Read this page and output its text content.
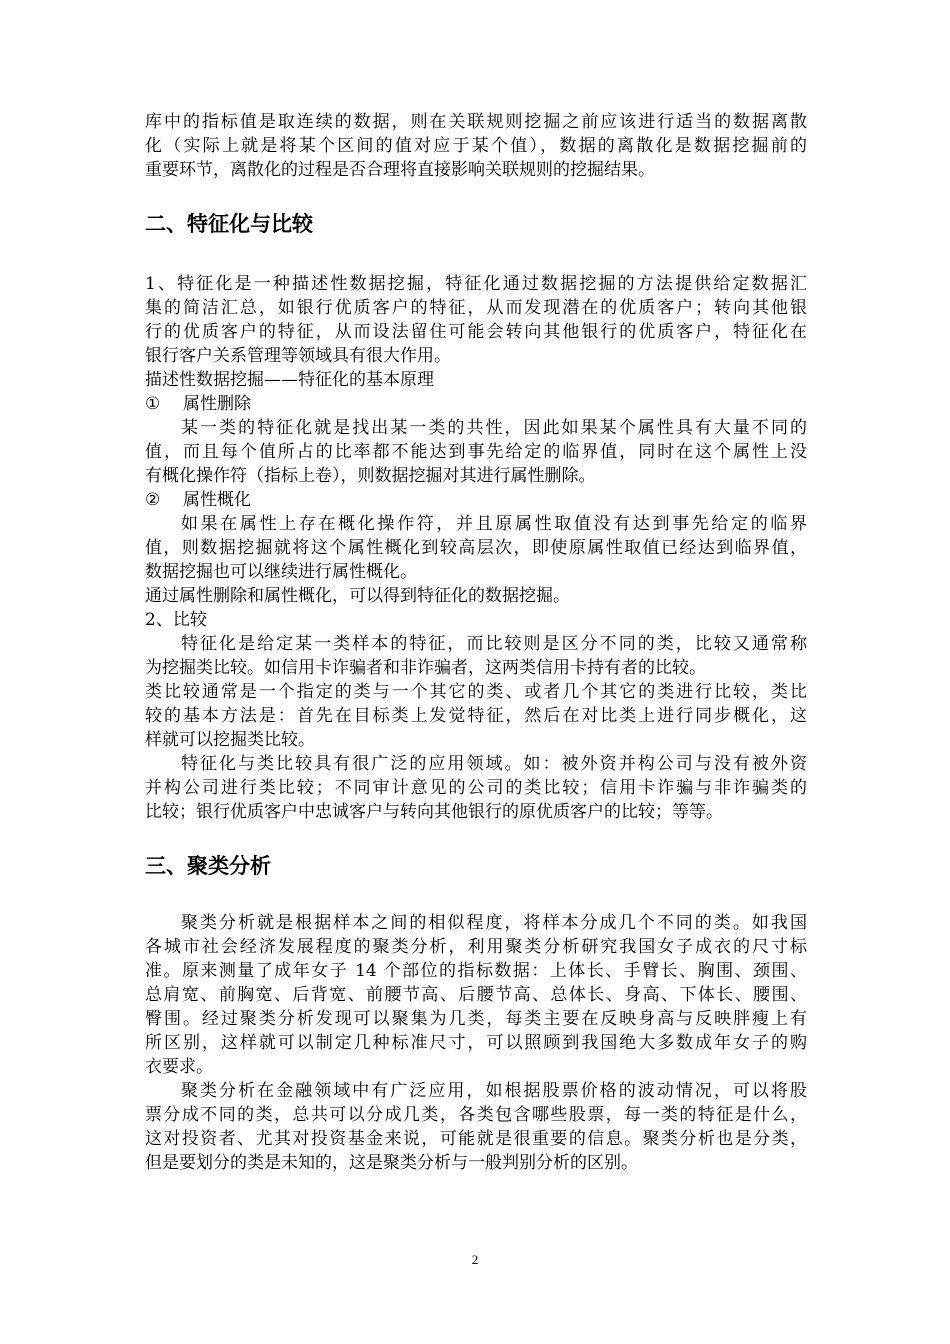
库中的指标值是取连续的数据，则在关联规则挖掘之前应该进行适当的数据离散
化（实际上就是将某个区间的值对应于某个值），数据的离散化是数据挖掘前的
重要环节，离散化的过程是否合理将直接影响关联规则的挖掘结果。
二、特征化与比较
1、特征化是一种描述性数据挖掘，特征化通过数据挖掘的方法提供给定数据汇
集的简洁汇总，如银行优质客户的特征，从而发现潜在的优质客户；转向其他银
行的优质客户的特征，从而设法留住可能会转向其他银行的优质客户，特征化在
银行客户关系管理等领域具有很大作用。
描述性数据挖掘——特征化的基本原理
①	属性删除
某一类的特征化就是找出某一类的共性，因此如果某个属性具有大量不同的
值，而且每个值所占的比率都不能达到事先给定的临界值，同时在这个属性上没
有概化操作符（指标上卷），则数据挖掘对其进行属性删除。
②	属性概化
如果在属性上存在概化操作符，并且原属性取值没有达到事先给定的临界
值，则数据挖掘就将这个属性概化到较高层次，即使原属性取值已经达到临界值，
数据挖掘也可以继续进行属性概化。
通过属性删除和属性概化，可以得到特征化的数据挖掘。
2、比较
特征化是给定某一类样本的特征，而比较则是区分不同的类，比较又通常称
为挖掘类比较。如信用卡诈骗者和非诈骗者，这两类信用卡持有者的比较。
类比较通常是一个指定的类与一个其它的类、或者几个其它的类进行比较，类比
较的基本方法是：首先在目标类上发觉特征，然后在对比类上进行同步概化，这
样就可以挖掘类比较。
特征化与类比较具有很广泛的应用领域。如：被外资并构公司与没有被外资
并构公司进行类比较；不同审计意见的公司的类比较；信用卡诈骗与非诈骗类的
比较；银行优质客户中忠诚客户与转向其他银行的原优质客户的比较；等等。
三、聚类分析
聚类分析就是根据样本之间的相似程度，将样本分成几个不同的类。如我国
各城市社会经济发展程度的聚类分析，利用聚类分析研究我国女子成衣的尺寸标
准。原来测量了成年女子 14 个部位的指标数据：上体长、手臂长、胸围、颈围、
总肩宽、前胸宽、后背宽、前腰节高、后腰节高、总体长、身高、下体长、腰围、
臀围。经过聚类分析发现可以聚集为几类，每类主要在反映身高与反映胖瘦上有
所区别，这样就可以制定几种标准尺寸，可以照顾到我国绝大多数成年女子的购
衣要求。
聚类分析在金融领域中有广泛应用，如根据股票价格的波动情况，可以将股
票分成不同的类，总共可以分成几类，各类包含哪些股票，每一类的特征是什么，
这对投资者、尤其对投资基金来说，可能就是很重要的信息。聚类分析也是分类，
但是要划分的类是未知的，这是聚类分析与一般判别分析的区别。
2
